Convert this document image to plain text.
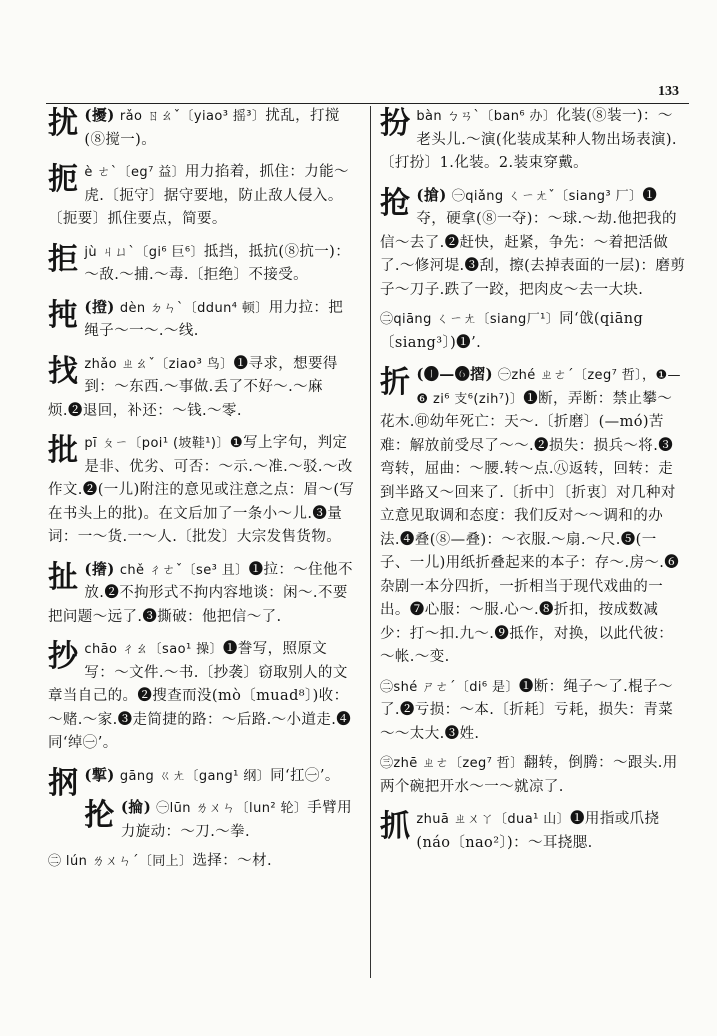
133
扰 (擾) rǎo ㄖㄠˇ〔yiao³ 摇³〕扰乱，打搅(⑧搅一)。
扼 è ㄜˋ〔eg⁷ 益〕用力掐着，抓住：力能～虎.〔扼守〕据守要地，防止敌人侵入。〔扼要〕抓住要点，简要。
拒 jù ㄐㄩˋ〔gi⁶ 巨⁶〕抵挡，抵抗(⑧抗一)：～敌.～捕.～毒.〔拒绝〕不接受。
扽 (撜) dèn ㄉㄣˋ〔ddun⁴ 顿〕用力拉：把绳子～一～.～线.
找 zhǎo ㄓㄠˇ〔ziao³ 鸟〕❶寻求，想要得到：～东西.～事做.丢了不好～.～麻烦.❷退回，补还：～钱.～零.
批 pī ㄆㄧ〔poi¹ (坡鞋¹)〕❶写上字句，判定是非、优劣、可否：～示.～准.～驳.～改作文.❷(一儿)附注的意见或注意之点：眉～(写在书头上的批)。在文后加了一条小～儿.❸量词：一～货.一～人.〔批发〕大宗发售货物。
扯 (撦) chě ㄔㄜˇ〔se³ 且〕❶拉：～住他不放.❷不拘形式不拘内容地谈：闲～.不要把问题～远了.❸撕破：他把信～了.
抄 chāo ㄔㄠ〔sao¹ 操〕❶誊写，照原文写：～文件.～书.〔抄袭〕窃取别人的文章当自己的。❷搜查而没(mò〔muad⁸〕)收：～赌.～家.❸走简捷的路：～后路.～小道走.❹同‘绰㊀’。
㧏 (㨻) gāng ㄍㄤ〔gang¹ 纲〕同‘扛㊀’。
抡 (掄) ㊀lūn ㄌㄨㄣ〔lun² 轮〕手臂用力旋动：～刀.～拳.
㊁ lún ㄌㄨㄣˊ〔同上〕选择：～材.
扮 bàn ㄅㄢˋ〔ban⁶ 办〕化装(⑧装一)：～老头儿.～演(化装成某种人物出场表演).〔打扮〕1.化装。2.装束穿戴。
抢 (搶) ㊀qiǎng ㄑㄧㄤˇ〔siang³ 厂〕❶夺，硬拿(⑧一夺)：～球.～劫.他把我的信～去了.❷赶快，赶紧，争先：～着把活做了.～修河堤.❸刮，擦(去掉表面的一层)：磨剪子～刀子.跌了一跤，把肉皮～去一大块.
㊁qiāng ㄑㄧㄤ〔siang厂¹〕同‘戗(qiāng〔siang³〕)❶’.
折 (❶—❻摺) ㊀zhé ㄓㄜˊ〔zeg⁷ 哲〕，❶—❻ zi⁶ 支⁶(zih⁷)〕❶断，弄断：禁止攀～花木.㊞幼年死亡：天～.〔折磨〕(—mó)苦难：解放前受尽了～～.❷损失：损兵～将.❸弯转，屈曲：～腰.转～点.㊇返转，回转：走到半路又～回来了.〔折中〕〔折衷〕对几种对立意见取调和态度：我们反对～～调和的办法.❹叠(⑧—叠)：～衣服.～扇.～尺.❺(一子、一儿)用纸折叠起来的本子：存～.房～.❻杂剧一本分四折，一折相当于现代戏曲的一出。❼心服：～服.心～.❽折扣，按成数减少：打～扣.九～.❾抵作，对换，以此代彼：～帐.～变.
㊁shé ㄕㄜˊ〔di⁶ 是〕❶断：绳子～了.棍子～了.❷亏损：～本.〔折耗〕亏耗，损失：青菜～～太大.❸姓.
㊂zhē ㄓㄜ〔zeg⁷ 哲〕翻转，倒腾：～跟头.用两个碗把开水～一～就凉了.
抓 zhuā ㄓㄨㄚ〔dua¹ 山〕❶用指或爪挠(náo〔nao²〕)：～耳挠腮.
